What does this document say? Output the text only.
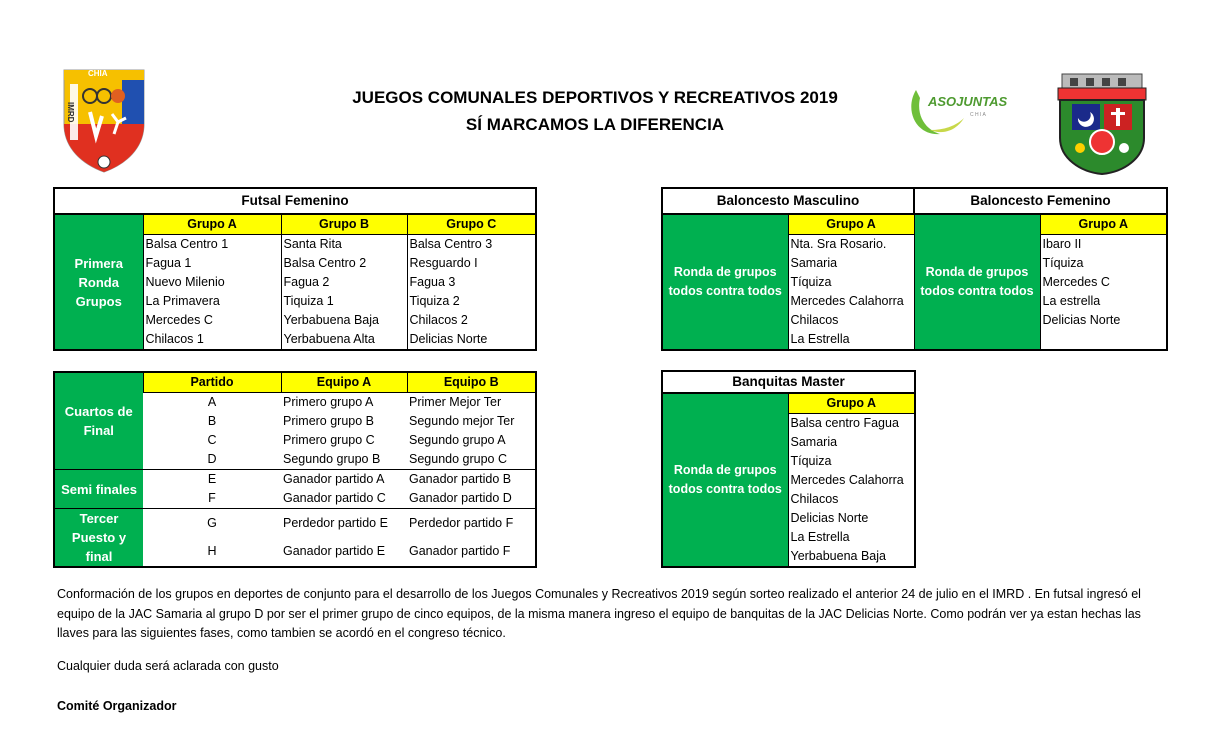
CHIA
IMRD
JUEGOS COMUNALES DEPORTIVOS Y RECREATIVOS 2019
SÍ MARCAMOS LA DIFERENCIA
ASOJUNTAS
C H I A
Futsal Femenino			
Primera Ronda Grupos	Grupo A	Grupo B	Grupo C
	Balsa Centro 1	Santa Rita	Balsa Centro 3
	Fagua 1	Balsa Centro 2	Resguardo I
	Nuevo Milenio	Fagua 2	Fagua 3
	La Primavera	Tiquiza 1	Tiquiza 2
	Mercedes C	Yerbabuena Baja	Chilacos 2
	Chilacos 1	Yerbabuena Alta	Delicias Norte
Cuartos de Final	Partido	Equipo A	Equipo B
	A	Primero grupo A	Primer Mejor Ter
	B	Primero grupo B	Segundo mejor Ter
	C	Primero grupo C	Segundo grupo A
	D	Segundo grupo B	Segundo grupo C
Semi finales	E	Ganador partido A	Ganador partido B
	F	Ganador partido C	Ganador partido D
Tercer Puesto y final	G	Perdedor partido E	Perdedor partido F
	H	Ganador partido E	Ganador partido F
Baloncesto Masculino		Baloncesto Femenino	
Ronda de grupos todos contra todos	Grupo A	Ronda de grupos todos contra todos	Grupo A
	Nta. Sra Rosario.		Ibaro II
	Samaria		Tíquiza
	Tíquiza		Mercedes C
	Mercedes Calahorra		La estrella
	Chilacos		Delicias Norte
	La Estrella		
Banquitas Master
Ronda de grupos todos contra todos	Grupo A
Balsa centro Fagua
Samaria
Tíquiza
Mercedes Calahorra
Chilacos
Delicias Norte
La Estrella
Yerbabuena Baja
Conformación de los grupos en deportes de conjunto para el desarrollo de los Juegos Comunales y Recreativos 2019 según sorteo realizado el anterior 24 de julio en el IMRD . En futsal ingresó el equipo de la JAC Samaria al grupo D por ser el primer grupo de cinco equipos, de la misma manera ingreso el equipo de banquitas de la JAC Delicias Norte. Como podrán ver ya estan hechas las llaves para las siguientes fases, como tambien se acordó en el congreso técnico.
Cualquier duda será aclarada con gusto
Comité Organizador
